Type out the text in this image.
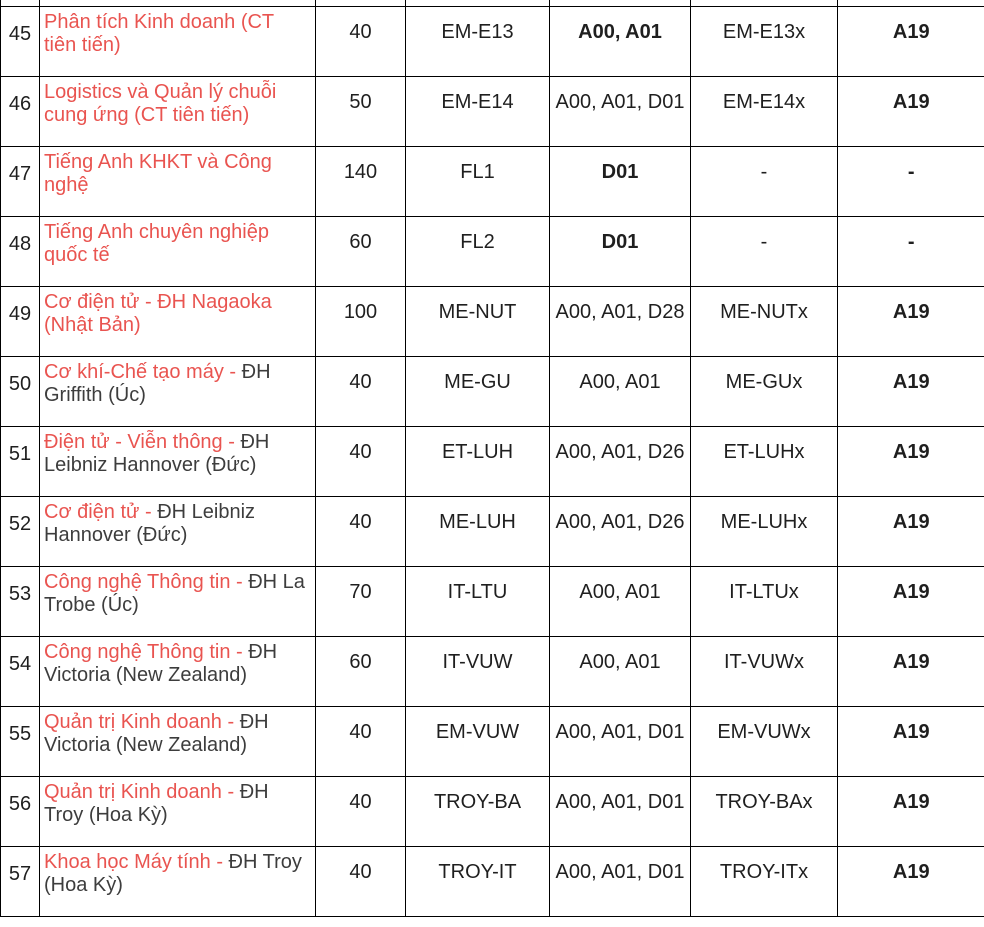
45	Phân tích Kinh doanh (CT tiên tiến)	40	EM-E13	A00, A01	EM-E13x	A19
46	Logistics và Quản lý chuỗi cung ứng (CT tiên tiến)	50	EM-E14	A00, A01, D01	EM-E14x	A19
47	Tiếng Anh KHKT và Công nghệ	140	FL1	D01	-	-
48	Tiếng Anh chuyên nghiệp quốc tế	60	FL2	D01	-	-
49	Cơ điện tử - ĐH Nagaoka (Nhật Bản)	100	ME-NUT	A00, A01, D28	ME-NUTx	A19
50	Cơ khí-Chế tạo máy - ĐH Griffith (Úc)	40	ME-GU	A00, A01	ME-GUx	A19
51	Điện tử - Viễn thông - ĐH Leibniz Hannover (Đức)	40	ET-LUH	A00, A01, D26	ET-LUHx	A19
52	Cơ điện tử - ĐH Leibniz Hannover (Đức)	40	ME-LUH	A00, A01, D26	ME-LUHx	A19
53	Công nghệ Thông tin - ĐH La Trobe (Úc)	70	IT-LTU	A00, A01	IT-LTUx	A19
54	Công nghệ Thông tin - ĐH Victoria (New Zealand)	60	IT-VUW	A00, A01	IT-VUWx	A19
55	Quản trị Kinh doanh - ĐH Victoria (New Zealand)	40	EM-VUW	A00, A01, D01	EM-VUWx	A19
56	Quản trị Kinh doanh - ĐH Troy (Hoa Kỳ)	40	TROY-BA	A00, A01, D01	TROY-BAx	A19
57	Khoa học Máy tính - ĐH Troy (Hoa Kỳ)	40	TROY-IT	A00, A01, D01	TROY-ITx	A19
